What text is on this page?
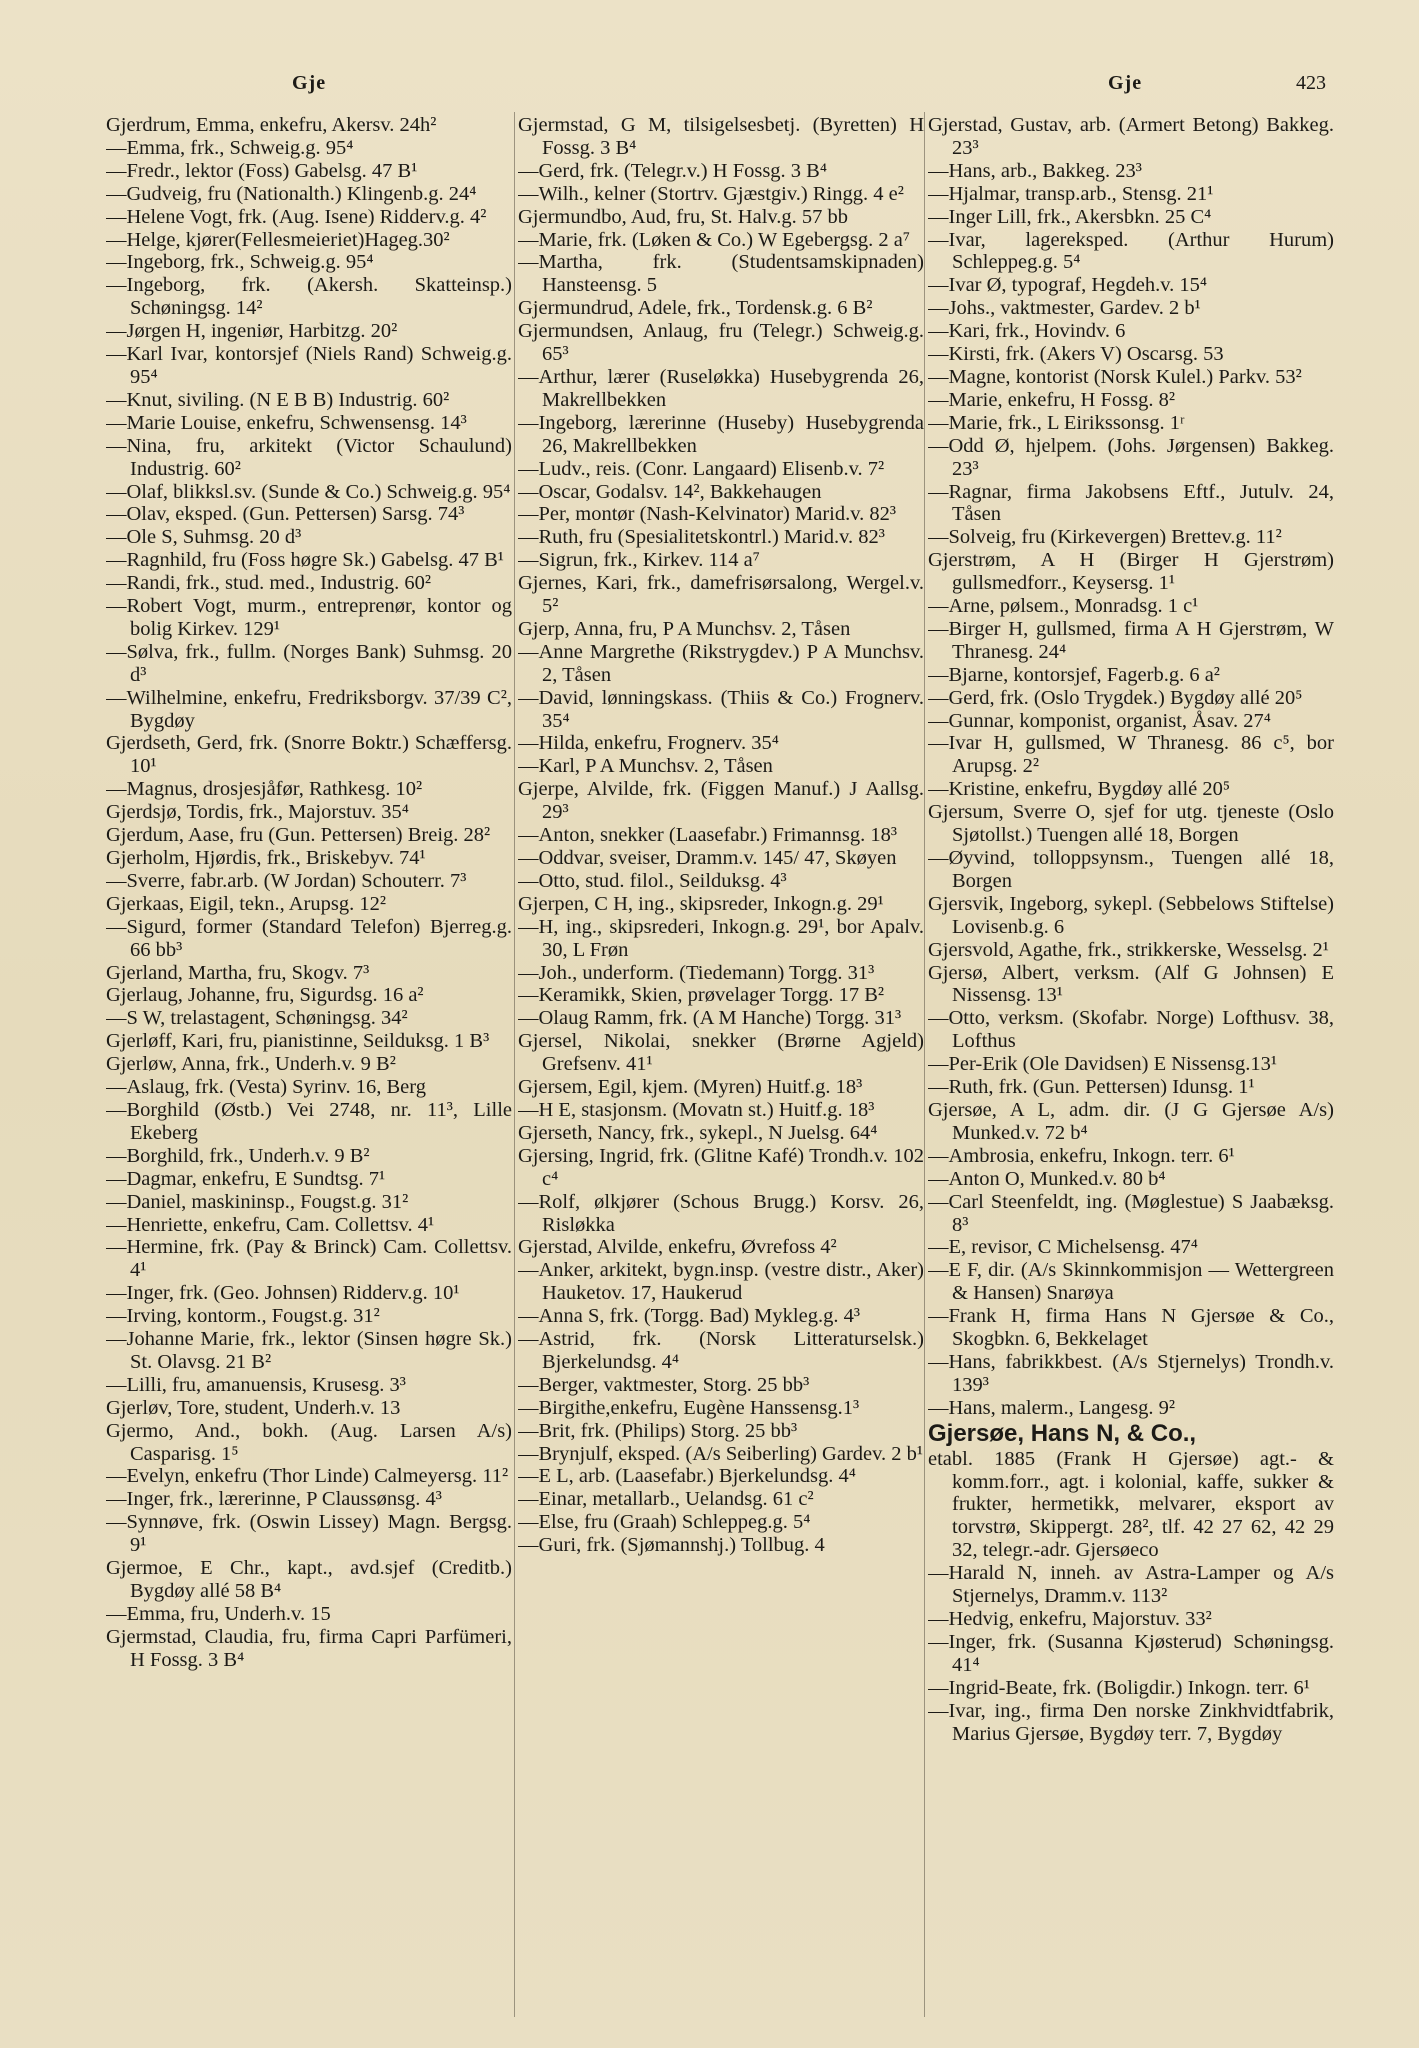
Gje	Gje	423

Gjerdrum, Emma, enkefru, Akersv. 24h²

—Emma, frk., Schweig.g. 95⁴

—Fredr., lektor (Foss) Gabelsg. 47 B¹

—Gudveig, fru (Nationalth.) Klingenb.g. 24⁴

—Helene Vogt, frk. (Aug. Isene) Ridderv.g. 4²

—Helge, kjører(Fellesmeieriet)Hageg.30²

—Ingeborg, frk., Schweig.g. 95⁴

—Ingeborg, frk. (Akersh. Skatteinsp.) Schøningsg. 14²

—Jørgen H, ingeniør, Harbitzg. 20²

—Karl Ivar, kontorsjef (Niels Rand) Schweig.g. 95⁴

—Knut, siviling. (N E B B) Industrig. 60²

—Marie Louise, enkefru, Schwensensg. 14³

—Nina, fru, arkitekt (Victor Schaulund) Industrig. 60²

—Olaf, blikksl.sv. (Sunde & Co.) Schweig.g. 95⁴

—Olav, eksped. (Gun. Pettersen) Sarsg. 74³

—Ole S, Suhmsg. 20 d³

—Ragnhild, fru (Foss høgre Sk.) Gabelsg. 47 B¹

—Randi, frk., stud. med., Industrig. 60²

—Robert Vogt, murm., entreprenør, kontor og bolig Kirkev. 129¹

—Sølva, frk., fullm. (Norges Bank) Suhmsg. 20 d³

—Wilhelmine, enkefru, Fredriksborgv. 37/39 C², Bygdøy

Gjerdseth, Gerd, frk. (Snorre Boktr.) Schæffersg. 10¹

—Magnus, drosjesjåfør, Rathkesg. 10²

Gjerdsjø, Tordis, frk., Majorstuv. 35⁴

Gjerdum, Aase, fru (Gun. Pettersen) Breig. 28²

Gjerholm, Hjørdis, frk., Briskebyv. 74¹

—Sverre, fabr.arb. (W Jordan) Schouterr. 7³

Gjerkaas, Eigil, tekn., Arupsg. 12²

—Sigurd, former (Standard Telefon) Bjerreg.g. 66 bb³

Gjerland, Martha, fru, Skogv. 7³

Gjerlaug, Johanne, fru, Sigurdsg. 16 a²

—S W, trelastagent, Schøningsg. 34²

Gjerløff, Kari, fru, pianistinne, Seilduksg. 1 B³

Gjerløw, Anna, frk., Underh.v. 9 B²

—Aslaug, frk. (Vesta) Syrinv. 16, Berg

—Borghild (Østb.) Vei 2748, nr. 11³, Lille Ekeberg

—Borghild, frk., Underh.v. 9 B²

—Dagmar, enkefru, E Sundtsg. 7¹

—Daniel, maskininsp., Fougst.g. 31²

—Henriette, enkefru, Cam. Collettsv. 4¹

—Hermine, frk. (Pay & Brinck) Cam. Collettsv. 4¹

—Inger, frk. (Geo. Johnsen) Ridderv.g. 10¹

—Irving, kontorm., Fougst.g. 31²

—Johanne Marie, frk., lektor (Sinsen høgre Sk.) St. Olavsg. 21 B²

—Lilli, fru, amanuensis, Krusesg. 3³

Gjerløv, Tore, student, Underh.v. 13

Gjermo, And., bokh. (Aug. Larsen A/s) Casparisg. 1⁵

—Evelyn, enkefru (Thor Linde) Calmeyersg. 11²

—Inger, frk., lærerinne, P Claussønsg. 4³

—Synnøve, frk. (Oswin Lissey) Magn. Bergsg. 9¹

Gjermoe, E Chr., kapt., avd.sjef (Creditb.) Bygdøy allé 58 B⁴

—Emma, fru, Underh.v. 15

Gjermstad, Claudia, fru, firma Capri Parfümeri, H Fossg. 3 B⁴

Gjermstad, G M, tilsigelsesbetj. (Byretten) H Fossg. 3 B⁴

—Gerd, frk. (Telegr.v.) H Fossg. 3 B⁴

—Wilh., kelner (Stortrv. Gjæstgiv.) Ringg. 4 e²

Gjermundbo, Aud, fru, St. Halv.g. 57 bb

—Marie, frk. (Løken & Co.) W Egebergsg. 2 a⁷

—Martha, frk. (Studentsamskipnaden) Hansteensg. 5

Gjermundrud, Adele, frk., Tordensk.g. 6 B²

Gjermundsen, Anlaug, fru (Telegr.) Schweig.g. 65³

—Arthur, lærer (Ruseløkka) Husebygrenda 26, Makrellbekken

—Ingeborg, lærerinne (Huseby) Husebygrenda 26, Makrellbekken

—Ludv., reis. (Conr. Langaard) Elisenb.v. 7²

—Oscar, Godalsv. 14², Bakkehaugen

—Per, montør (Nash-Kelvinator) Marid.v. 82³

—Ruth, fru (Spesialitetskontrl.) Marid.v. 82³

—Sigrun, frk., Kirkev. 114 a⁷

Gjernes, Kari, frk., damefrisørsalong, Wergel.v. 5²

Gjerp, Anna, fru, P A Munchsv. 2, Tåsen

—Anne Margrethe (Rikstrygdev.) P A Munchsv. 2, Tåsen

—David, lønningskass. (Thiis & Co.) Frognerv. 35⁴

—Hilda, enkefru, Frognerv. 35⁴

—Karl, P A Munchsv. 2, Tåsen

Gjerpe, Alvilde, frk. (Figgen Manuf.) J Aallsg. 29³

—Anton, snekker (Laasefabr.) Frimannsg. 18³

—Oddvar, sveiser, Dramm.v. 145/ 47, Skøyen

—Otto, stud. filol., Seilduksg. 4³

Gjerpen, C H, ing., skipsreder, Inkogn.g. 29¹

—H, ing., skipsrederi, Inkogn.g. 29¹, bor Apalv. 30, L Frøn

—Joh., underform. (Tiedemann) Torgg. 31³

—Keramikk, Skien, prøvelager Torgg. 17 B²

—Olaug Ramm, frk. (A M Hanche) Torgg. 31³

Gjersel, Nikolai, snekker (Brørne Agjeld) Grefsenv. 41¹

Gjersem, Egil, kjem. (Myren) Huitf.g. 18³

—H E, stasjonsm. (Movatn st.) Huitf.g. 18³

Gjerseth, Nancy, frk., sykepl., N Juelsg. 64⁴

Gjersing, Ingrid, frk. (Glitne Kafé) Trondh.v. 102 c⁴

—Rolf, ølkjører (Schous Brugg.) Korsv. 26, Risløkka

Gjerstad, Alvilde, enkefru, Øvrefoss 4²

—Anker, arkitekt, bygn.insp. (vestre distr., Aker) Hauketov. 17, Haukerud

—Anna S, frk. (Torgg. Bad) Mykleg.g. 4³

—Astrid, frk. (Norsk Litteraturselsk.) Bjerkelundsg. 4⁴

—Berger, vaktmester, Storg. 25 bb³

—Birgithe,enkefru, Eugène Hanssensg.1³

—Brit, frk. (Philips) Storg. 25 bb³

—Brynjulf, eksped. (A/s Seiberling) Gardev. 2 b¹

—E L, arb. (Laasefabr.) Bjerkelundsg. 4⁴

—Einar, metallarb., Uelandsg. 61 c²

—Else, fru (Graah) Schleppeg.g. 5⁴

—Guri, frk. (Sjømannshj.) Tollbug. 4

Gjerstad, Gustav, arb. (Armert Betong) Bakkeg. 23³

—Hans, arb., Bakkeg. 23³

—Hjalmar, transp.arb., Stensg. 21¹

—Inger Lill, frk., Akersbkn. 25 C⁴

—Ivar, lagereksped. (Arthur Hurum) Schleppeg.g. 5⁴

—Ivar Ø, typograf, Hegdeh.v. 15⁴

—Johs., vaktmester, Gardev. 2 b¹

—Kari, frk., Hovindv. 6

—Kirsti, frk. (Akers V) Oscarsg. 53

—Magne, kontorist (Norsk Kulel.) Parkv. 53²

—Marie, enkefru, H Fossg. 8²

—Marie, frk., L Eirikssonsg. 1ʳ

—Odd Ø, hjelpem. (Johs. Jørgensen) Bakkeg. 23³

—Ragnar, firma Jakobsens Eftf., Jutulv. 24, Tåsen

—Solveig, fru (Kirkevergen) Brettev.g. 11²

Gjerstrøm, A H (Birger H Gjerstrøm) gullsmedforr., Keysersg. 1¹

—Arne, pølsem., Monradsg. 1 c¹

—Birger H, gullsmed, firma A H Gjerstrøm, W Thranesg. 24⁴

—Bjarne, kontorsjef, Fagerb.g. 6 a²

—Gerd, frk. (Oslo Trygdek.) Bygdøy allé 20⁵

—Gunnar, komponist, organist, Åsav. 27⁴

—Ivar H, gullsmed, W Thranesg. 86 c⁵, bor Arupsg. 2²

—Kristine, enkefru, Bygdøy allé 20⁵

Gjersum, Sverre O, sjef for utg. tjeneste (Oslo Sjøtollst.) Tuengen allé 18, Borgen

—Øyvind, tolloppsynsm., Tuengen allé 18, Borgen

Gjersvik, Ingeborg, sykepl. (Sebbelows Stiftelse) Lovisenb.g. 6

Gjersvold, Agathe, frk., strikkerske, Wesselsg. 2¹

Gjersø, Albert, verksm. (Alf G Johnsen) E Nissensg. 13¹

—Otto, verksm. (Skofabr. Norge) Lofthusv. 38, Lofthus

—Per-Erik (Ole Davidsen) E Nissensg.13¹

—Ruth, frk. (Gun. Pettersen) Idunsg. 1¹

Gjersøe, A L, adm. dir. (J G Gjersøe A/s) Munked.v. 72 b⁴

—Ambrosia, enkefru, Inkogn. terr. 6¹

—Anton O, Munked.v. 80 b⁴

—Carl Steenfeldt, ing. (Møglestue) S Jaabæksg. 8³

—E, revisor, C Michelsensg. 47⁴

—E F, dir. (A/s Skinnkommisjon — Wettergreen & Hansen) Snarøya

—Frank H, firma Hans N Gjersøe & Co., Skogbkn. 6, Bekkelaget

—Hans, fabrikkbest. (A/s Stjernelys) Trondh.v. 139³

—Hans, malerm., Langesg. 9²

Gjersøe, Hans N, & Co.,

etabl. 1885 (Frank H Gjersøe) agt.- & komm.forr., agt. i kolonial, kaffe, sukker & frukter, hermetikk, melvarer, eksport av torvstrø, Skippergt. 28², tlf. 42 27 62, 42 29 32, telegr.-adr. Gjersøeco

—Harald N, inneh. av Astra-Lamper og A/s Stjernelys, Dramm.v. 113²

—Hedvig, enkefru, Majorstuv. 33²

—Inger, frk. (Susanna Kjøsterud) Schøningsg. 41⁴

—Ingrid-Beate, frk. (Boligdir.) Inkogn. terr. 6¹

—Ivar, ing., firma Den norske Zinkhvidtfabrik, Marius Gjersøe, Bygdøy terr. 7, Bygdøy
